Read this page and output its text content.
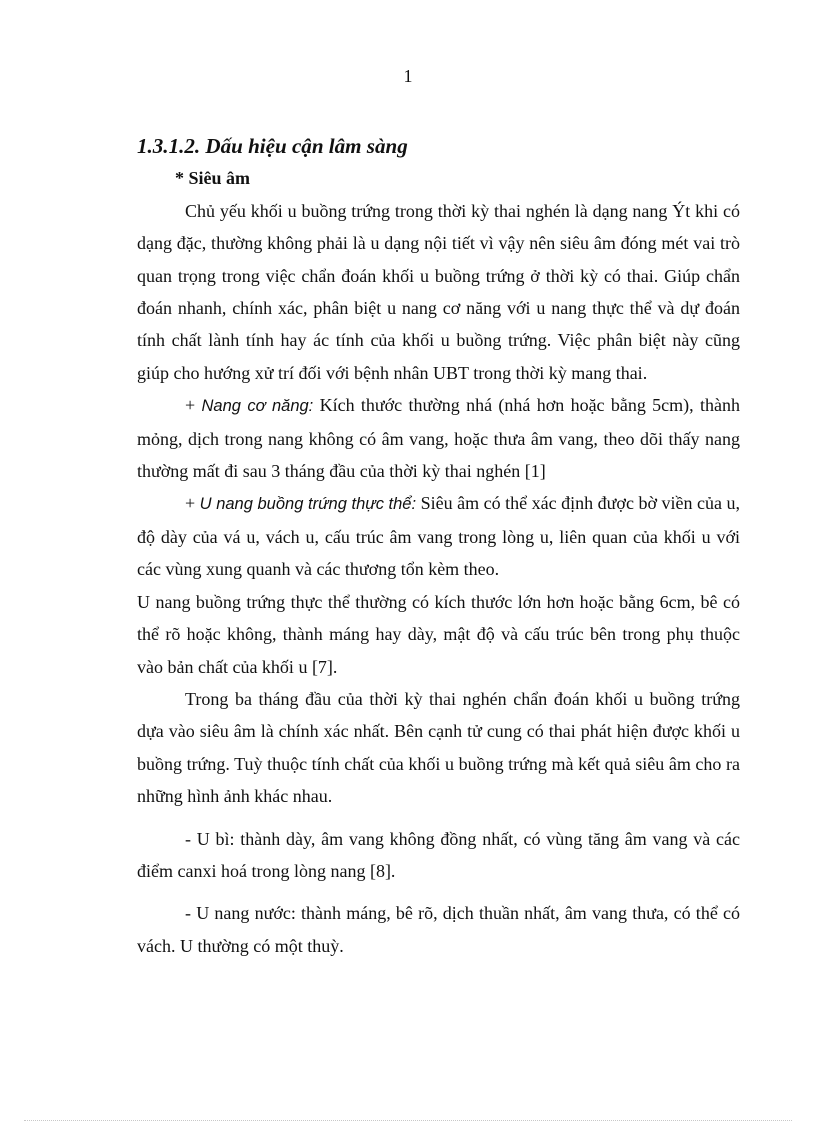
1
1.3.1.2. Dấu hiệu cận lâm sàng
* Siêu âm

Chủ yếu khối u buồng trứng trong thời kỳ thai nghén là dạng nang Ýt khi có dạng đặc, thường không phải là u dạng nội tiết vì vậy nên siêu âm đóng mét vai trò quan trọng trong việc chẩn đoán khối u buồng trứng ở thời kỳ có thai. Giúp chẩn đoán nhanh, chính xác, phân biệt u nang cơ năng với u nang thực thể và dự đoán tính chất lành tính hay ác tính của khối u buồng trứng. Việc phân biệt này cũng giúp cho hướng xử trí đối với bệnh nhân UBT trong thời kỳ mang thai.

+ Nang cơ năng: Kích thước thường nhá (nhá hơn hoặc bằng 5cm), thành mỏng, dịch trong nang không có âm vang, hoặc thưa âm vang, theo dõi thấy nang thường mất đi sau 3 tháng đầu của thời kỳ thai nghén [1]

+ U nang buồng trứng thực thể: Siêu âm có thể xác định được bờ viền của u, độ dày của vá u, vách u, cấu trúc âm vang trong lòng u, liên quan của khối u với các vùng xung quanh và các thương tổn kèm theo.

U nang buồng trứng thực thể thường có kích thước lớn hơn hoặc bằng 6cm, bê có thể rõ hoặc không, thành máng hay dày, mật độ và cấu trúc bên trong phụ thuộc vào bản chất của khối u [7].

Trong ba tháng đầu của thời kỳ thai nghén chẩn đoán khối u buồng trứng dựa vào siêu âm là chính xác nhất. Bên cạnh tử cung có thai phát hiện được khối u buồng trứng. Tuỳ thuộc tính chất của khối u buồng trứng mà kết quả siêu âm cho ra những hình ảnh khác nhau.

- U bì: thành dày, âm vang không đồng nhất, có vùng tăng âm vang và các điểm canxi hoá trong lòng nang [8].

- U nang nước: thành máng, bê rõ, dịch thuần nhất, âm vang thưa, có thể có vách. U thường có một thuỳ.
